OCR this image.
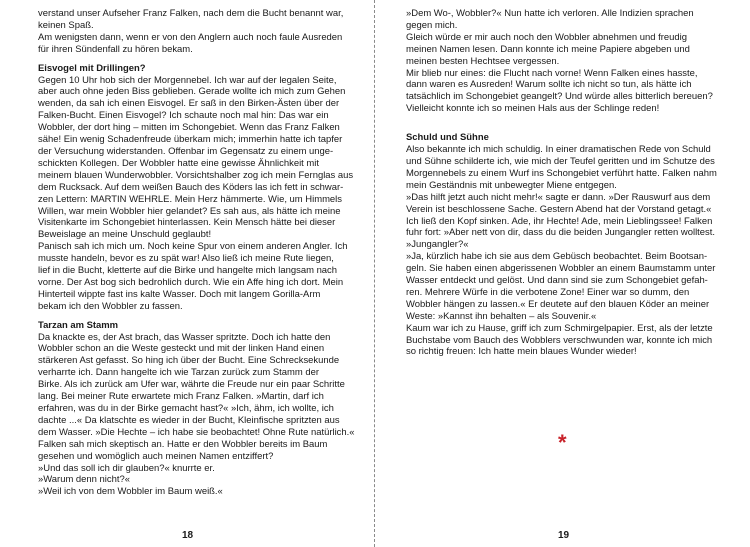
verstand unser Aufseher Franz Falken, nach dem die Bucht benannt war,
keinen Spaß.
Am wenigsten dann, wenn er von den Anglern auch noch faule Ausreden
für ihren Sündenfall zu hören bekam.
Eisvogel mit Drillingen?
Gegen 10 Uhr hob sich der Morgennebel. Ich war auf der legalen Seite,
aber auch ohne jeden Biss geblieben. Gerade wollte ich mich zum Gehen
wenden, da sah ich einen Eisvogel. Er saß in den Birken-Ästen über der
Falken-Bucht. Einen Eisvogel? Ich schaute noch mal hin: Das war ein
Wobbler, der dort hing – mitten im Schongebiet. Wenn das Franz Falken
sähe! Ein wenig Schadenfreude überkam mich; immerhin hatte ich tapfer
der Versuchung widerstanden. Offenbar im Gegensatz zu einem unge-
schickten Kollegen. Der Wobbler hatte eine gewisse Ähnlichkeit mit
meinem blauen Wunderwobbler. Vorsichtshalber zog ich mein Fernglas aus
dem Rucksack. Auf dem weißen Bauch des Köders las ich fett in schwar-
zen Lettern: MARTIN WEHRLE. Mein Herz hämmerte. Wie, um Himmels
Willen, war mein Wobbler hier gelandet? Es sah aus, als hätte ich meine
Visitenkarte im Schongebiet hinterlassen. Kein Mensch hätte bei dieser
Beweislage an meine Unschuld geglaubt!
Panisch sah ich mich um. Noch keine Spur von einem anderen Angler. Ich
musste handeln, bevor es zu spät war! Also ließ ich meine Rute liegen,
lief in die Bucht, kletterte auf die Birke und hangelte mich langsam nach
vorne. Der Ast bog sich bedrohlich durch. Wie ein Affe hing ich dort. Mein
Hinterteil wippte fast ins kalte Wasser. Doch mit langem Gorilla-Arm
bekam ich den Wobbler zu fassen.
Tarzan am Stamm
Da knackte es, der Ast brach, das Wasser spritzte. Doch ich hatte den
Wobbler schon an die Weste gesteckt und mit der linken Hand einen
stärkeren Ast gefasst. So hing ich über der Bucht. Eine Schrecksekunde
verharrte ich. Dann hangelte ich wie Tarzan zurück zum Stamm der
Birke. Als ich zurück am Ufer war, währte die Freude nur ein paar Schritte
lang. Bei meiner Rute erwartete mich Franz Falken. »Martin, darf ich
erfahren, was du in der Birke gemacht hast?« »Ich, ähm, ich wollte, ich
dachte ...« Da klatschte es wieder in der Bucht, Kleinfische spritzten aus
dem Wasser. »Die Hechte – ich habe sie beobachtet! Ohne Rute natürlich.«
Falken sah mich skeptisch an. Hatte er den Wobbler bereits im Baum
gesehen und womöglich auch meinen Namen entziffert?
»Und das soll ich dir glauben?« knurrte er.
»Warum denn nicht?«
»Weil ich von dem Wobbler im Baum weiß.«
»Dem Wo-, Wobbler?« Nun hatte ich verloren. Alle Indizien sprachen
gegen mich.
Gleich würde er mir auch noch den Wobbler abnehmen und freudig
meinen Namen lesen. Dann konnte ich meine Papiere abgeben und
meinen besten Hechtsee vergessen.
Mir blieb nur eines: die Flucht nach vorne! Wenn Falken eines hasste,
dann waren es Ausreden! Warum sollte ich nicht so tun, als hätte ich
tatsächlich im Schongebiet geangelt? Und würde alles bitterlich bereuen?
Vielleicht konnte ich so meinen Hals aus der Schlinge reden!
Schuld und Sühne
Also bekannte ich mich schuldig. In einer dramatischen Rede von Schuld
und Sühne schilderte ich, wie mich der Teufel geritten und im Schutze des
Morgennebels zu einem Wurf ins Schongebiet verführt hatte. Falken nahm
mein Geständnis mit unbewegter Miene entgegen.
»Das hilft jetzt auch nicht mehr!« sagte er dann. »Der Rauswurf aus dem
Verein ist beschlossene Sache. Gestern Abend hat der Vorstand getagt.«
Ich ließ den Kopf sinken. Ade, ihr Hechte! Ade, mein Lieblingssee! Falken
fuhr fort: »Aber nett von dir, dass du die beiden Jungangler retten wolltest.
»Jungangler?«
»Ja, kürzlich habe ich sie aus dem Gebüsch beobachtet. Beim Bootsan-
geln. Sie haben einen abgerissenen Wobbler an einem Baumstamm unter
Wasser entdeckt und gelöst. Und dann sind sie zum Schongebiet gefah-
ren. Mehrere Würfe in die verbotene Zone! Einer war so dumm, den
Wobbler hängen zu lassen.« Er deutete auf den blauen Köder an meiner
Weste: »Kannst ihn behalten – als Souvenir.«
Kaum war ich zu Hause, griff ich zum Schmirgelpapier. Erst, als der letzte
Buchstabe vom Bauch des Wobblers verschwunden war, konnte ich mich
so richtig freuen: Ich hatte mein blaues Wunder wieder!
*
18	19
